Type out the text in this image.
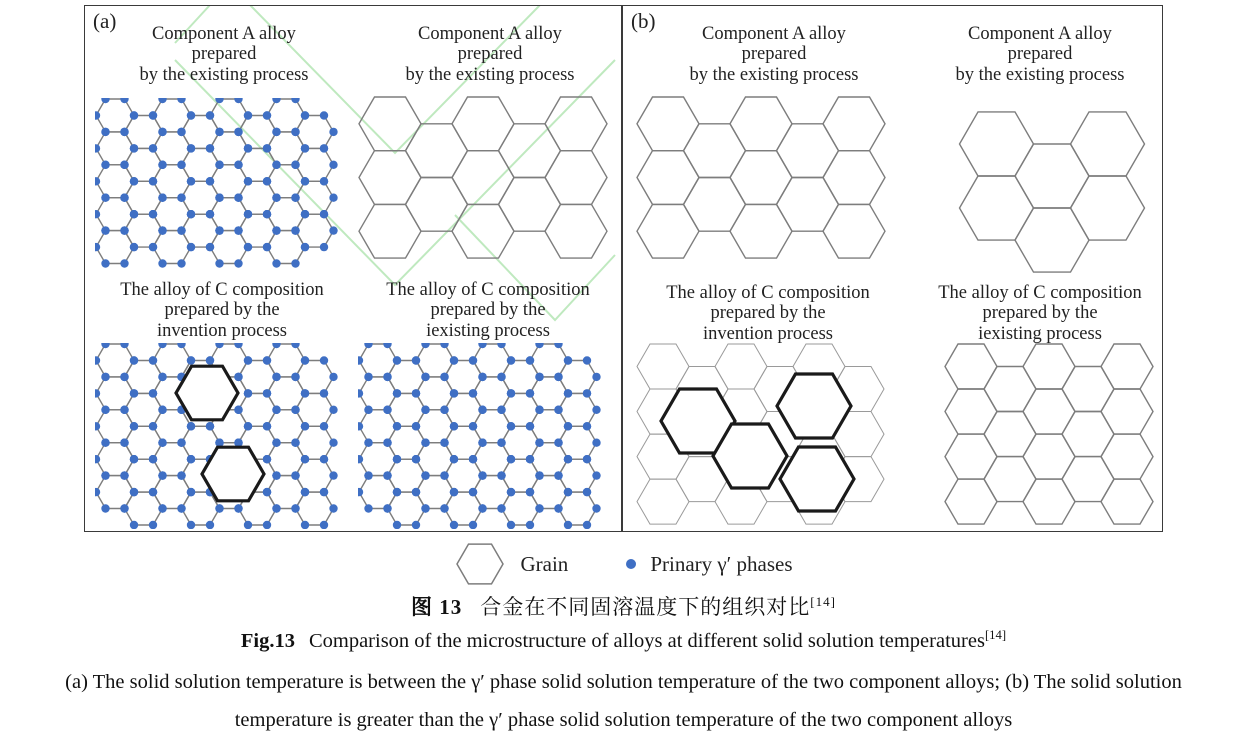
(a)	(b)
Component A alloy
prepared
by the existing process
Component A alloy
prepared
by the existing process
The alloy of C composition
prepared by the
invention process
The alloy of C composition
prepared by the
iexisting process
Component A alloy
prepared
by the existing process
Component A alloy
prepared
by the existing process
The alloy of C composition
prepared by the
invention process
The alloy of C composition
prepared by the
iexisting process
Grain	Prinary γ′ phases
图 13 合金在不同固溶温度下的组织对比[14]
Fig.13 Comparison of the microstructure of alloys at different solid solution temperatures[14]
(a) The solid solution temperature is between the γ′ phase solid solution temperature of the two component alloys; (b) The solid solution temperature is greater than the γ′ phase solid solution temperature of the two component alloys
